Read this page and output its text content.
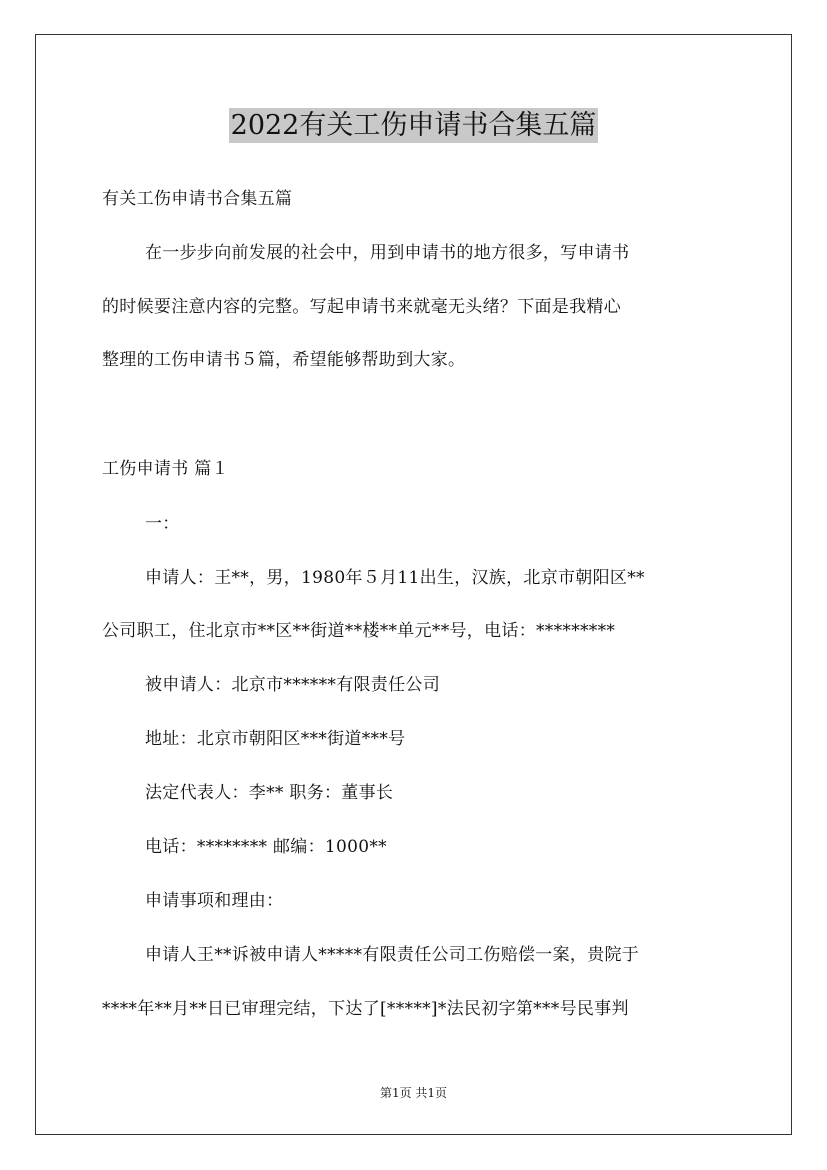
2022有关工伤申请书合集五篇
有关工伤申请书合集五篇
在一步步向前发展的社会中，用到申请书的地方很多，写申请书
的时候要注意内容的完整。写起申请书来就毫无头绪？下面是我精心
整理的工伤申请书５篇，希望能够帮助到大家。
工伤申请书 篇１
一：
申请人：王**，男，1980年５月11出生，汉族，北京市朝阳区**
公司职工，住北京市**区**街道**楼**单元**号，电话：*********
被申请人：北京市******有限责任公司
地址：北京市朝阳区***街道***号
法定代表人：李** 职务：董事长
电话：******** 邮编：1000**
申请事项和理由：
申请人王**诉被申请人*****有限责任公司工伤赔偿一案，贵院于
****年**月**日已审理完结，下达了[*****]*法民初字第***号民事判
第1页 共1页
